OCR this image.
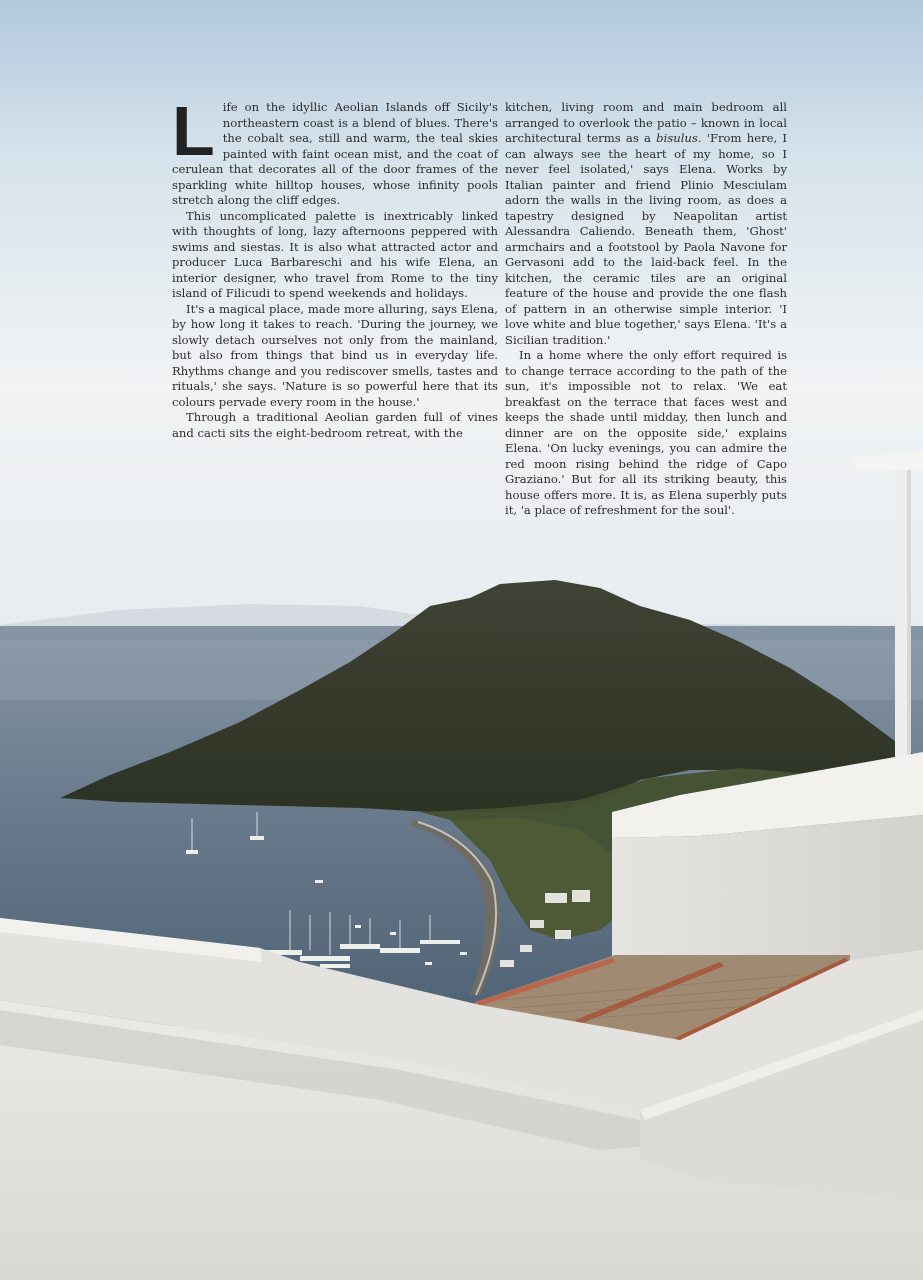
Life on the idyllic Aeolian Islands off Sicily's northeastern coast is a blend of blues. There's the cobalt sea, still and warm, the teal skies painted with faint ocean mist, and the coat of cerulean that decorates all of the door frames of the sparkling white hilltop houses, whose infinity pools stretch along the cliff edges.

This uncomplicated palette is inextricably linked with thoughts of long, lazy afternoons peppered with swims and siestas. It is also what attracted actor and producer Luca Barbareschi and his wife Elena, an interior designer, who travel from Rome to the tiny island of Filicudi to spend weekends and holidays.

It's a magical place, made more alluring, says Elena, by how long it takes to reach. 'During the journey, we slowly detach ourselves not only from the mainland, but also from things that bind us in everyday life. Rhythms change and you rediscover smells, tastes and rituals,' she says. 'Nature is so powerful here that its colours pervade every room in the house.'

Through a traditional Aeolian garden full of vines and cacti sits the eight-bedroom retreat, with the

kitchen, living room and main bedroom all arranged to overlook the patio – known in local architectural terms as a bisulus. 'From here, I can always see the heart of my home, so I never feel isolated,' says Elena. Works by Italian painter and friend Plinio Mesciulam adorn the walls in the living room, as does a tapestry designed by Neapolitan artist Alessandra Caliendo. Beneath them, 'Ghost' armchairs and a footstool by Paola Navone for Gervasoni add to the laid-back feel. In the kitchen, the ceramic tiles are an original feature of the house and provide the one flash of pattern in an otherwise simple interior. 'I love white and blue together,' says Elena. 'It's a Sicilian tradition.'

In a home where the only effort required is to change terrace according to the path of the sun, it's impossible not to relax. 'We eat breakfast on the terrace that faces west and keeps the shade until midday, then lunch and dinner are on the opposite side,' explains Elena. 'On lucky evenings, you can admire the red moon rising behind the ridge of Capo Graziano.' But for all its striking beauty, this house offers more. It is, as Elena superbly puts it, 'a place of refreshment for the soul'.
